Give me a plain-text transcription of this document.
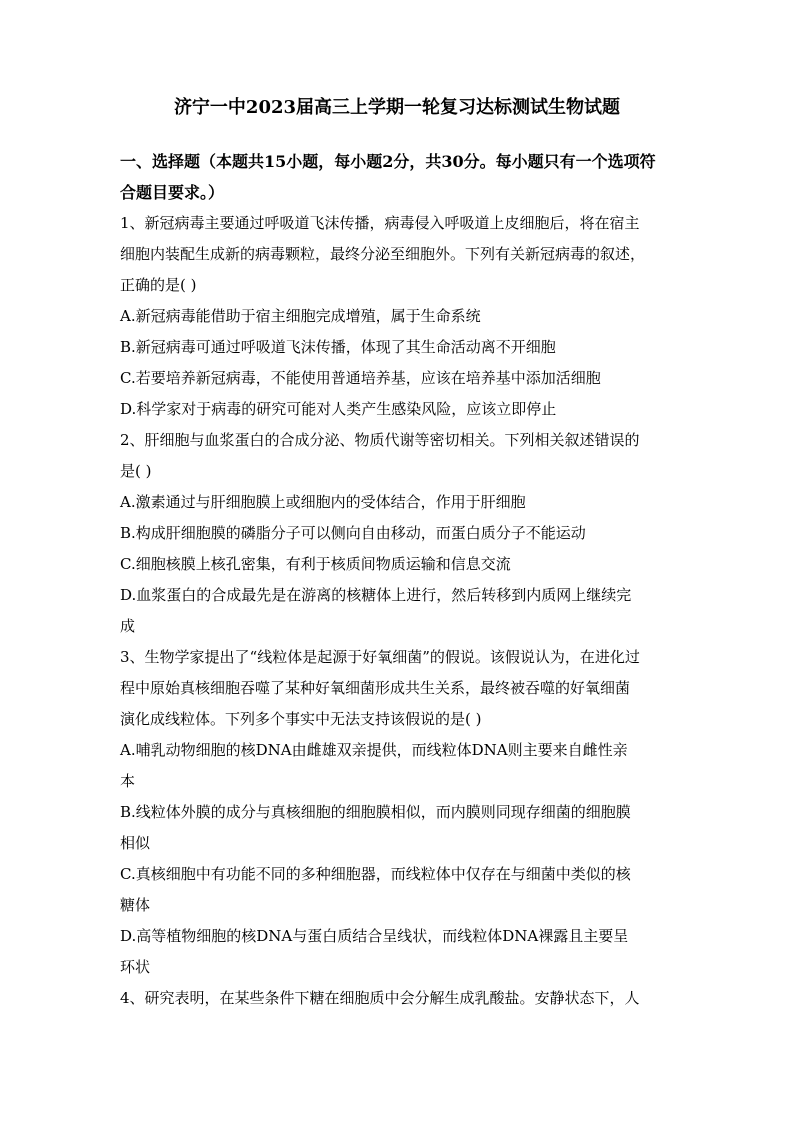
济宁一中2023届高三上学期一轮复习达标测试生物试题
一、选择题（本题共15小题，每小题2分，共30分。每小题只有一个选项符
合题目要求。）
1、新冠病毒主要通过呼吸道飞沫传播，病毒侵入呼吸道上皮细胞后，将在宿主
细胞内装配生成新的病毒颗粒，最终分泌至细胞外。下列有关新冠病毒的叙述，
正确的是( )
A.新冠病毒能借助于宿主细胞完成增殖，属于生命系统
B.新冠病毒可通过呼吸道飞沫传播，体现了其生命活动离不开细胞
C.若要培养新冠病毒，不能使用普通培养基，应该在培养基中添加活细胞
D.科学家对于病毒的研究可能对人类产生感染风险，应该立即停止
2、肝细胞与血浆蛋白的合成分泌、物质代谢等密切相关。下列相关叙述错误的
是( )
A.激素通过与肝细胞膜上或细胞内的受体结合，作用于肝细胞
B.构成肝细胞膜的磷脂分子可以侧向自由移动，而蛋白质分子不能运动
C.细胞核膜上核孔密集，有利于核质间物质运输和信息交流
D.血浆蛋白的合成最先是在游离的核糖体上进行，然后转移到内质网上继续完
成
3、生物学家提出了“线粒体是起源于好氧细菌”的假说。该假说认为，在进化过
程中原始真核细胞吞噬了某种好氧细菌形成共生关系，最终被吞噬的好氧细菌
演化成线粒体。下列多个事实中无法支持该假说的是( )
A.哺乳动物细胞的核DNA由雌雄双亲提供，而线粒体DNA则主要来自雌性亲
本
B.线粒体外膜的成分与真核细胞的细胞膜相似，而内膜则同现存细菌的细胞膜
相似
C.真核细胞中有功能不同的多种细胞器，而线粒体中仅存在与细菌中类似的核
糖体
D.高等植物细胞的核DNA与蛋白质结合呈线状，而线粒体DNA裸露且主要呈
环状
4、研究表明，在某些条件下糖在细胞质中会分解生成乳酸盐。安静状态下，人
